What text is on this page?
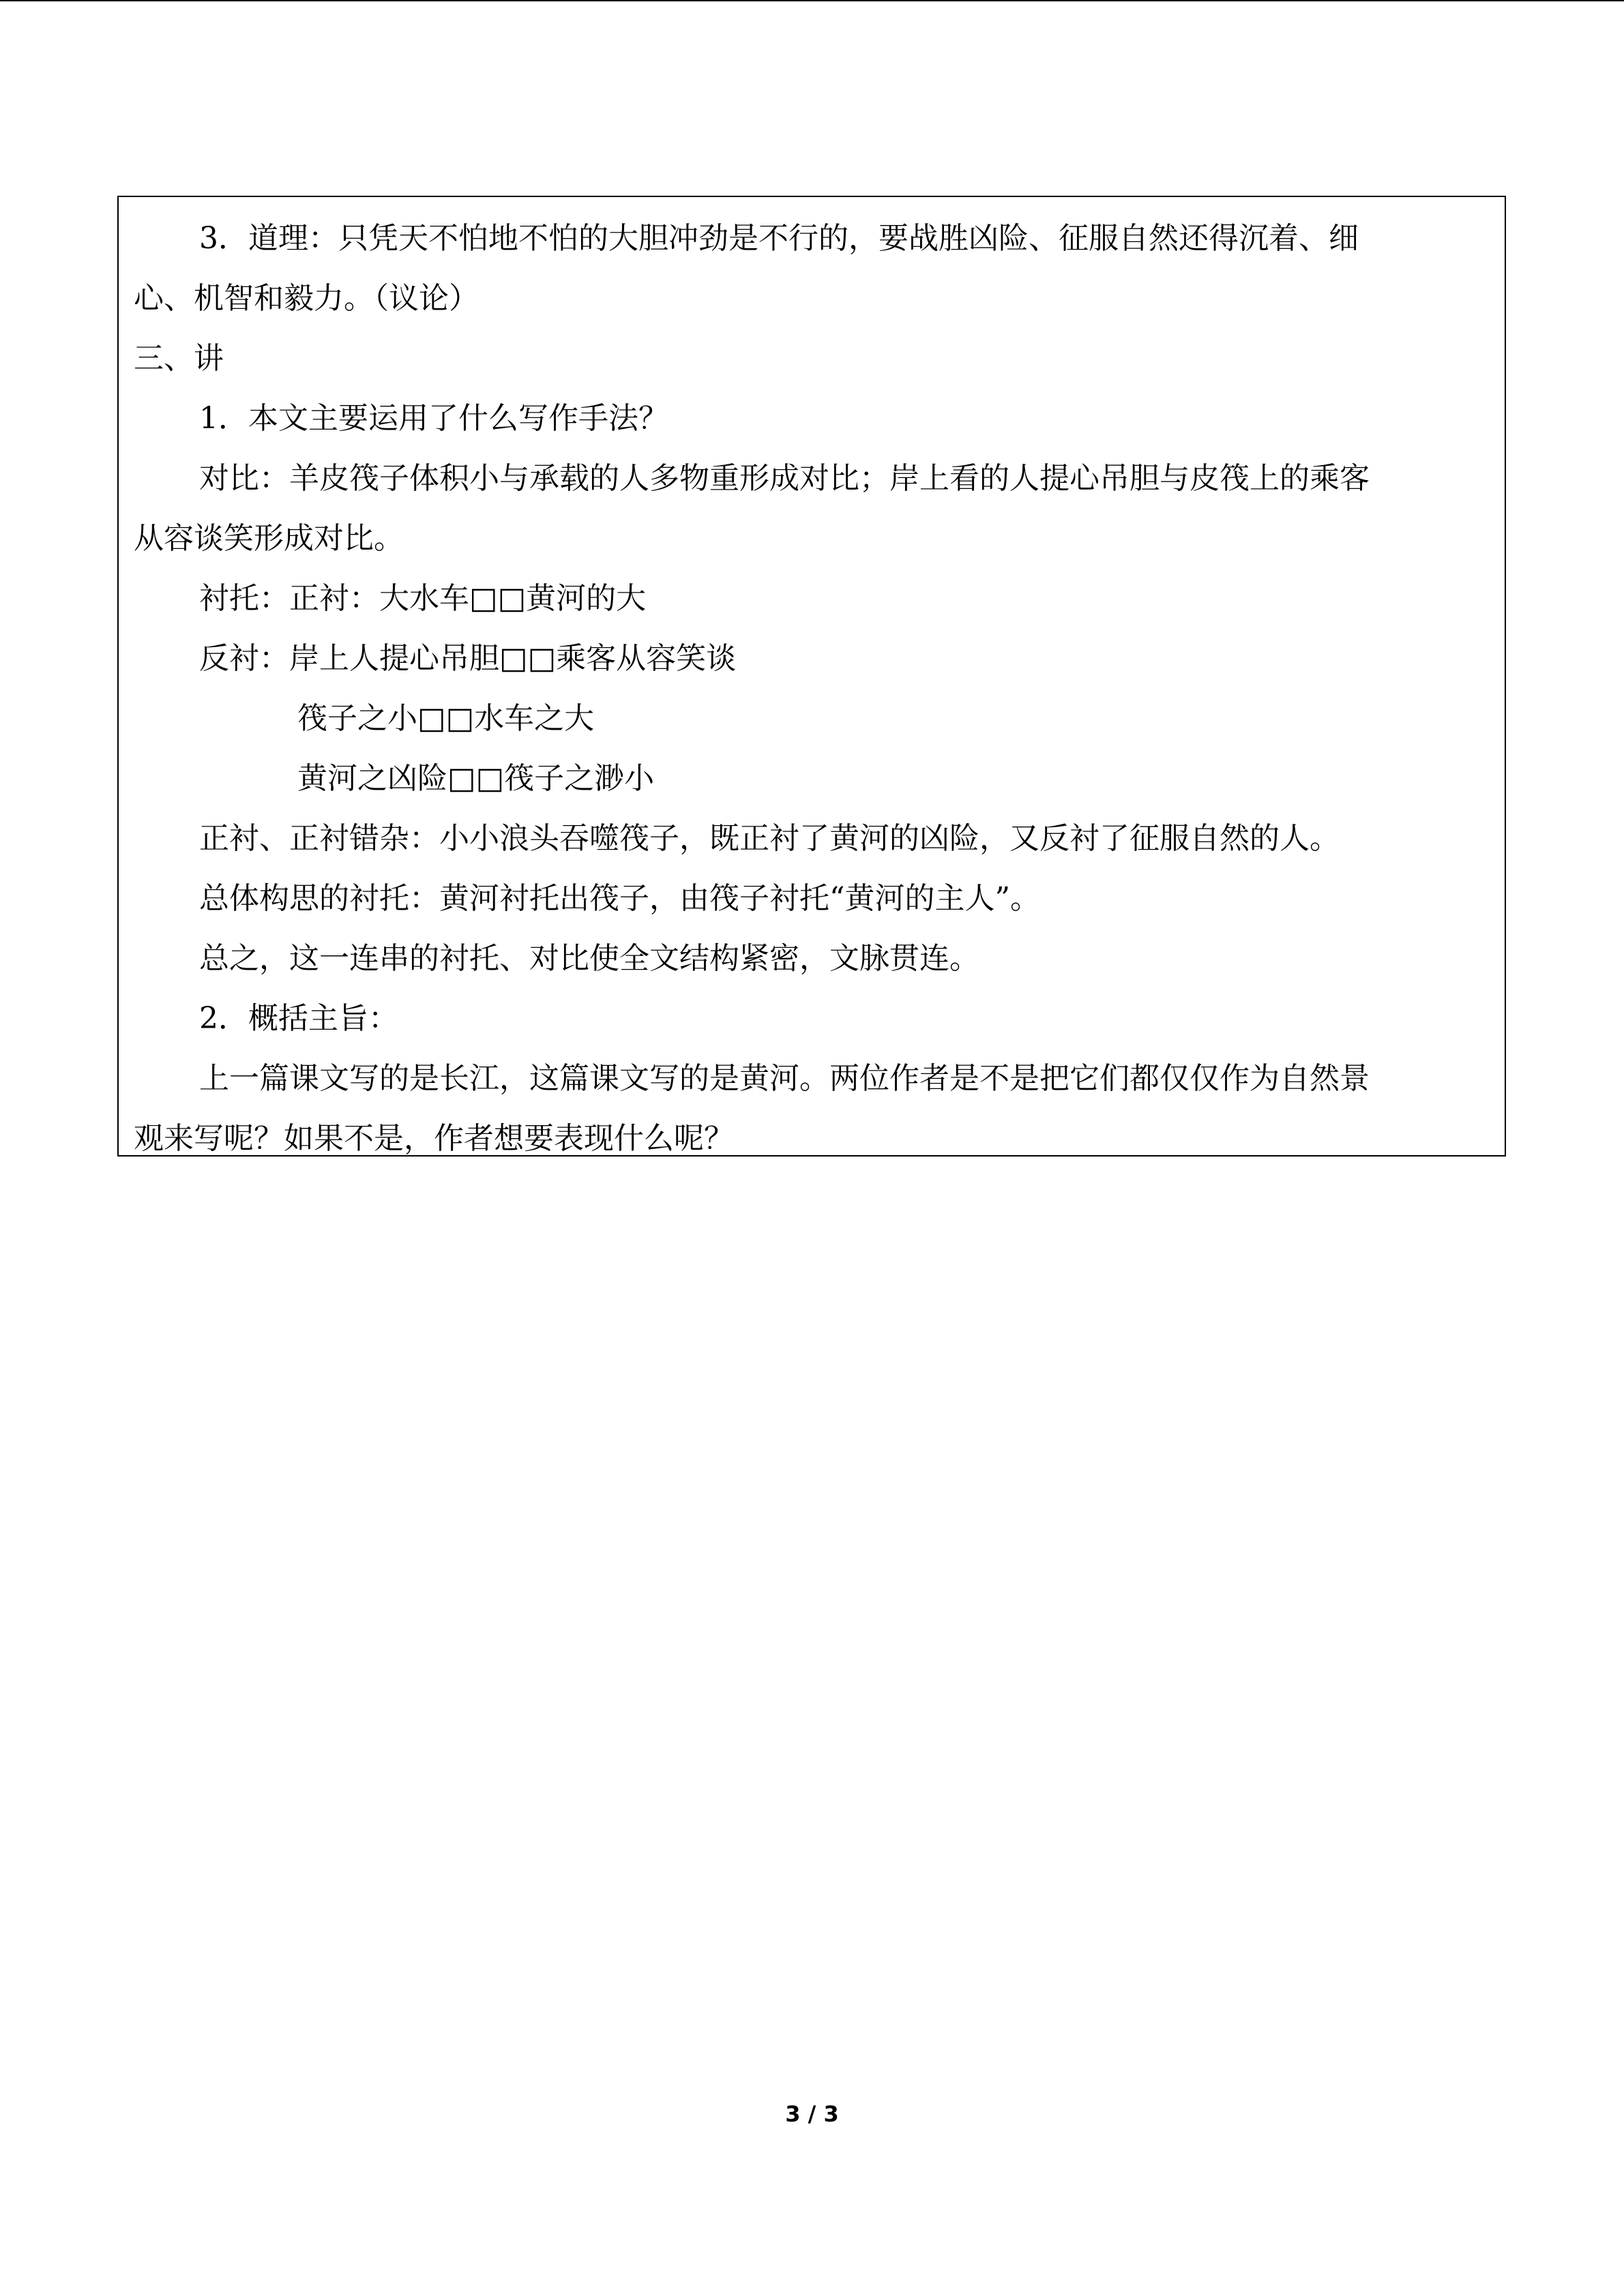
3．道理：只凭天不怕地不怕的大胆冲劲是不行的，要战胜凶险、征服自然还得沉着、细
心、机智和毅力。（议论）
三、讲
1．本文主要运用了什么写作手法？
对比：羊皮筏子体积小与承载的人多物重形成对比；岸上看的人提心吊胆与皮筏上的乘客
从容谈笑形成对比。
衬托：正衬：大水车□□黄河的大
反衬：岸上人提心吊胆□□乘客从容笑谈
筏子之小□□水车之大
黄河之凶险□□筏子之渺小
正衬、正衬错杂：小小浪头吞噬筏子，既正衬了黄河的凶险，又反衬了征服自然的人。
总体构思的衬托：黄河衬托出筏子，由筏子衬托“黄河的主人”。
总之，这一连串的衬托、对比使全文结构紧密，文脉贯连。
2．概括主旨：
上一篇课文写的是长江，这篇课文写的是黄河。两位作者是不是把它们都仅仅作为自然景
观来写呢？如果不是，作者想要表现什么呢？
3 / 3
